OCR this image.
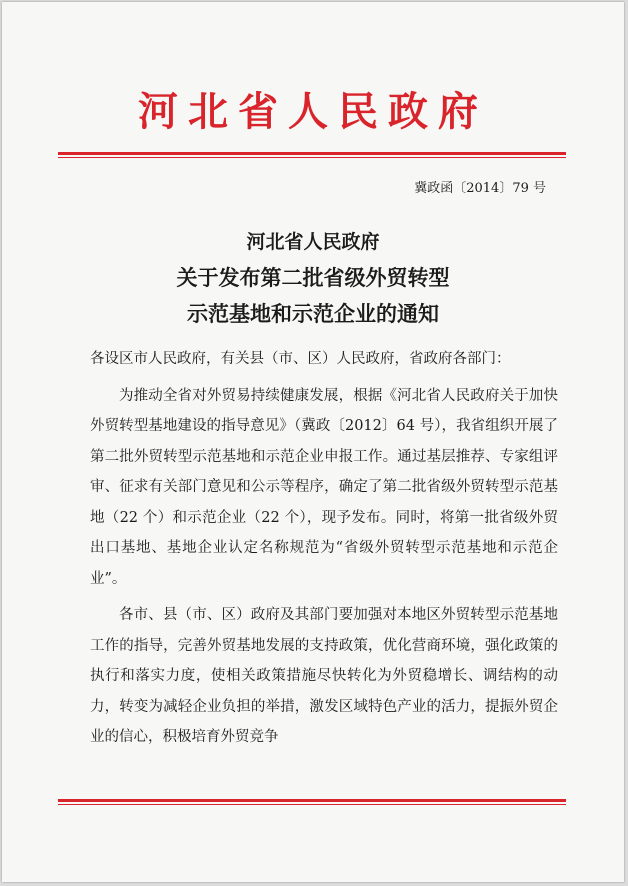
河北省人民政府
冀政函〔2014〕79 号
河北省人民政府
关于发布第二批省级外贸转型
示范基地和示范企业的通知

各设区市人民政府，有关县（市、区）人民政府，省政府各部门：

为推动全省对外贸易持续健康发展，根据《河北省人民政府关于加快外贸转型基地建设的指导意见》（冀政〔2012〕64 号），我省组织开展了第二批外贸转型示范基地和示范企业申报工作。通过基层推荐、专家组评审、征求有关部门意见和公示等程序，确定了第二批省级外贸转型示范基地（22 个）和示范企业（22 个），现予发布。同时，将第一批省级外贸出口基地、基地企业认定名称规范为“省级外贸转型示范基地和示范企业”。

各市、县（市、区）政府及其部门要加强对本地区外贸转型示范基地工作的指导，完善外贸基地发展的支持政策，优化营商环境，强化政策的执行和落实力度，使相关政策措施尽快转化为外贸稳增长、调结构的动力，转变为减轻企业负担的举措，激发区域特色产业的活力，提振外贸企业的信心，积极培育外贸竞争
